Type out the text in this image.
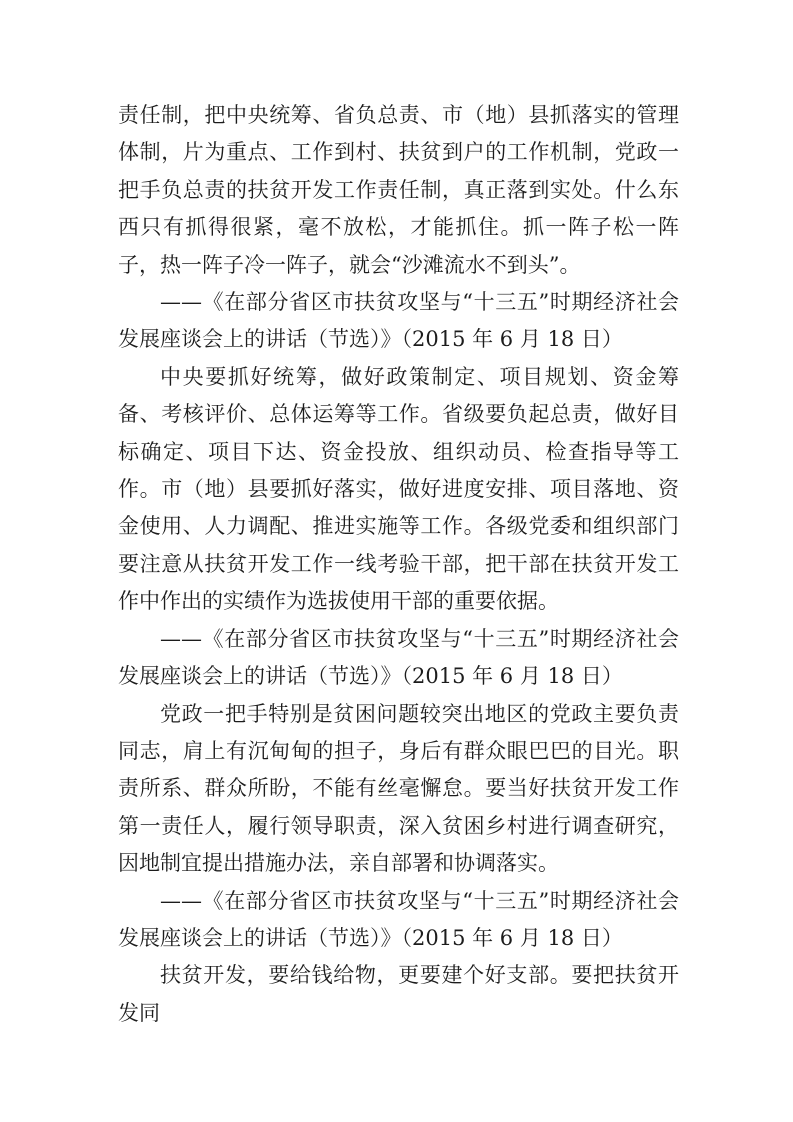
责任制，把中央统筹、省负总责、市（地）县抓落实的管理体制，片为重点、工作到村、扶贫到户的工作机制，党政一把手负总责的扶贫开发工作责任制，真正落到实处。什么东西只有抓得很紧，毫不放松，才能抓住。抓一阵子松一阵子，热一阵子冷一阵子，就会“沙滩流水不到头”。

——《在部分省区市扶贫攻坚与“十三五”时期经济社会发展座谈会上的讲话（节选）》（2015 年 6 月 18 日）

中央要抓好统筹，做好政策制定、项目规划、资金筹备、考核评价、总体运筹等工作。省级要负起总责，做好目标确定、项目下达、资金投放、组织动员、检查指导等工作。市（地）县要抓好落实，做好进度安排、项目落地、资金使用、人力调配、推进实施等工作。各级党委和组织部门要注意从扶贫开发工作一线考验干部，把干部在扶贫开发工作中作出的实绩作为选拔使用干部的重要依据。

——《在部分省区市扶贫攻坚与“十三五”时期经济社会发展座谈会上的讲话（节选）》（2015 年 6 月 18 日）

党政一把手特别是贫困问题较突出地区的党政主要负责同志，肩上有沉甸甸的担子，身后有群众眼巴巴的目光。职责所系、群众所盼，不能有丝毫懈怠。要当好扶贫开发工作第一责任人，履行领导职责，深入贫困乡村进行调查研究，因地制宜提出措施办法，亲自部署和协调落实。

——《在部分省区市扶贫攻坚与“十三五”时期经济社会发展座谈会上的讲话（节选）》（2015 年 6 月 18 日）

扶贫开发，要给钱给物，更要建个好支部。要把扶贫开发同
